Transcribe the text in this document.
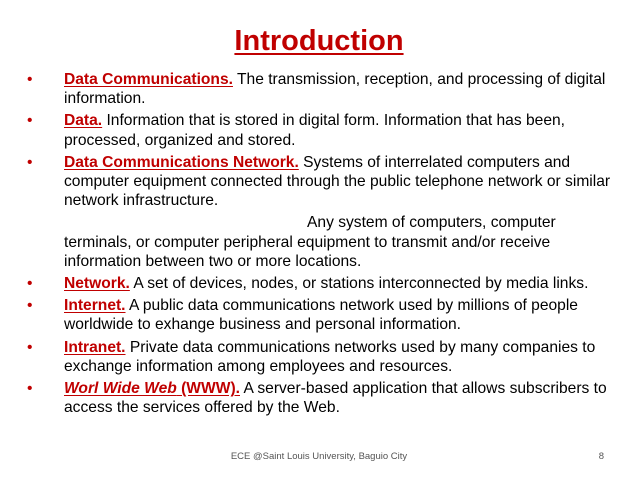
Introduction
• Data Communications. The transmission, reception, and processing of digital information.
• Data. Information that is stored in digital form. Information that has been, processed, organized and stored.
• Data Communications Network. Systems of interrelated computers and computer equipment connected through the public telephone network or similar network infrastructure.
Any system of computers, computer terminals, or computer peripheral equipment to transmit and/or receive information between two or more locations.
• Network. A set of devices, nodes, or stations interconnected by media links.
• Internet. A public data communications network used by millions of people worldwide to exhange business and personal information.
• Intranet. Private data communications networks used by many companies to exchange information among employees and resources.
• Worl Wide Web (WWW). A server-based application that allows subscribers to access the services offered by the Web.
ECE @Saint Louis University, Baguio City	8
